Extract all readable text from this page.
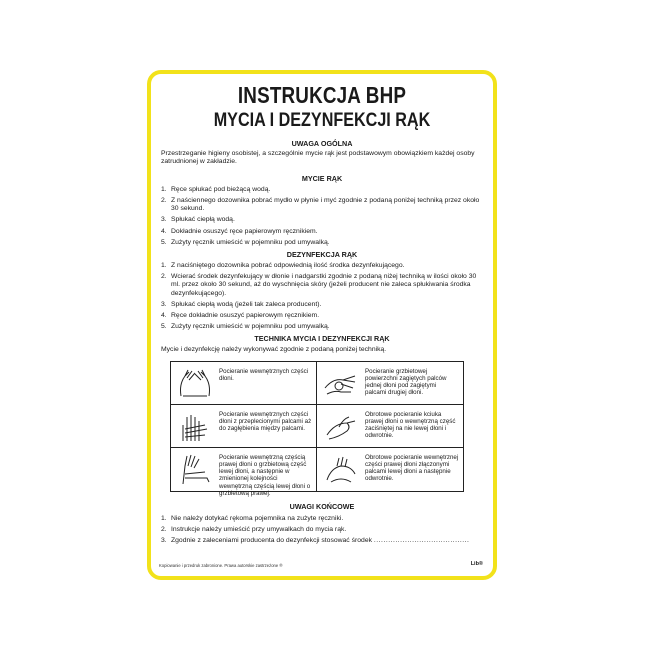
INSTRUKCJA BHP
MYCIA I DEZYNFEKCJI RĄK
UWAGA OGÓLNA
Przestrzeganie higieny osobistej, a szczególnie mycie rąk jest podstawowym obowiązkiem każdej osoby zatrudnionej w zakładzie.
MYCIE RĄK
1. Ręce spłukać pod bieżącą wodą.
2. Z naściennego dozownika pobrać mydło w płynie i myć zgodnie z podaną poniżej techniką przez około 30 sekund.
3. Spłukać ciepłą wodą.
4. Dokładnie osuszyć ręce papierowym ręcznikiem.
5. Zużyty ręcznik umieścić w pojemniku pod umywalką.
DEZYNFEKCJA RĄK
1. Z naciśniętego dozownika pobrać odpowiednią ilość środka dezynfekującego.
2. Wcierać środek dezynfekujący w dłonie i nadgarstki zgodnie z podaną niżej techniką w ilości około 30 ml. przez około 30 sekund, aż do wyschnięcia skóry (jeżeli producent nie zaleca spłukiwania środka dezynfekującego).
3. Spłukać ciepłą wodą (jeżeli tak zaleca producent).
4. Ręce dokładnie osuszyć papierowym ręcznikiem.
5. Zużyty ręcznik umieścić w pojemniku pod umywalką.
TECHNIKA MYCIA I DEZYNFEKCJI RĄK
Mycie i dezynfekcję należy wykonywać zgodnie z podaną poniżej techniką.
Pocieranie wewnętrznych części dłoni.
Pocieranie grzbietowej powierzchni zagiętych palców jednej dłoni pod zagiętymi palcami drugiej dłoni.
Pocieranie wewnętrznych części dłoni z przeplecionymi palcami aż do zagłębienia między palcami.
Obrotowe pocieranie kciuka prawej dłoni o wewnętrzną część zaciśniętej na nie lewej dłoni i odwrotnie.
Pocieranie wewnętrzną częścią prawej dłoni o grzbietową część lewej dłoni, a następnie w zmienionej kolejności wewnętrzną częścią lewej dłoni o grzbietową prawej.
Obrotowe pocieranie wewnętrznej części prawej dłoni złączonymi palcami lewej dłoni a następnie odwrotnie.
UWAGI KOŃCOWE
1. Nie należy dotykać rękoma pojemnika na zużyte ręczniki.
2. Instrukcje należy umieścić przy umywalkach do mycia rąk.
3. Zgodnie z zaleceniami producenta do dezynfekcji stosować środek ........................................
Kopiowanie i przedruk zabronione. Prawa autorskie zastrzeżone ®	Lib®
